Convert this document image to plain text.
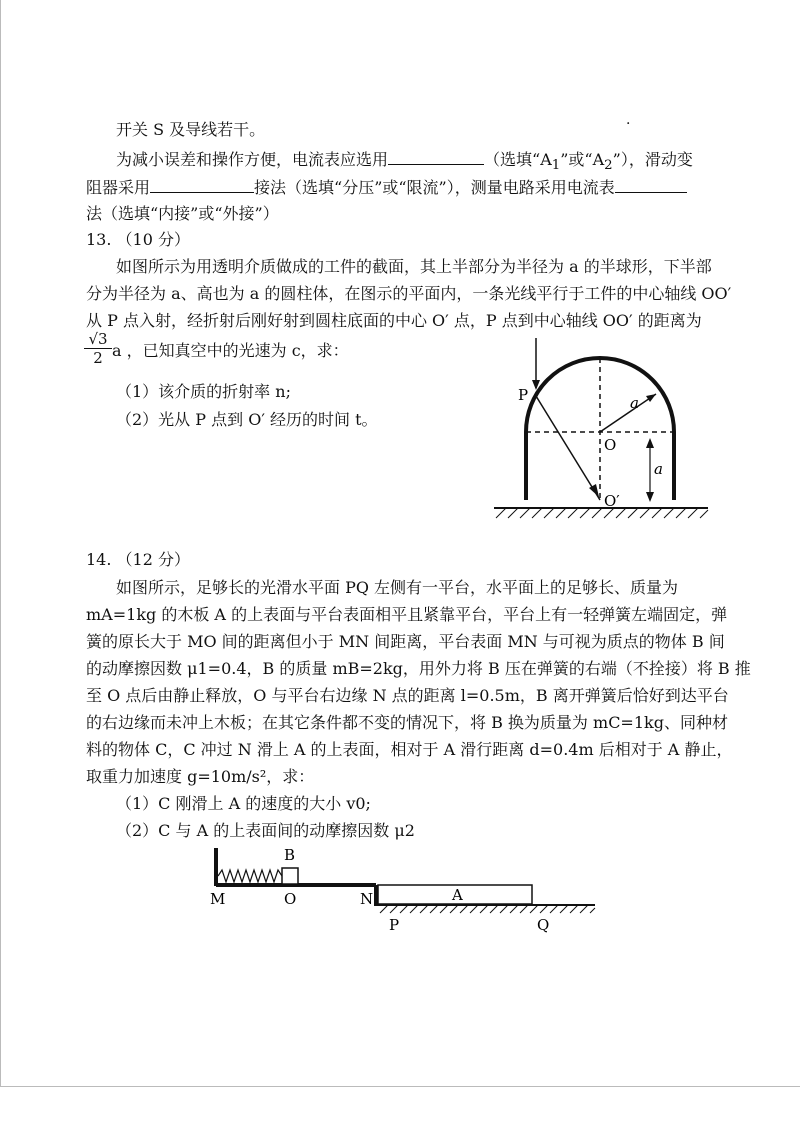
·
开关 S 及导线若干。
为减小误差和操作方便，电流表应选用	（选填“$A_1$”或“$A_2$”），滑动变
阻器采用	接法（选填“分压”或“限流”），测量电路采用电流表
法（选填“内接”或“外接”）
13. （10 分）
如图所示为用透明介质做成的工件的截面，其上半部分为半径为 a 的半球形，下半部
分为半径为 a、高也为 a 的圆柱体，在图示的平面内，一条光线平行于工件的中心轴线 OO′
从 P 点入射，经折射后刚好射到圆柱底面的中心 O′ 点，P 点到中心轴线 OO′ 的距离为
$\frac{√3}{2}$ a ，已知真空中的光速为 c，求：
（1）该介质的折射率 n;
（2）光从 P 点到 O′ 经历的时间 t。
P
O
O′
a
a
14. （12 分）
如图所示，足够长的光滑水平面 PQ 左侧有一平台，水平面上的足够长、质量为
mA=1kg 的木板 A 的上表面与平台表面相平且紧靠平台，平台上有一轻弹簧左端固定，弹
簧的原长大于 MO 间的距离但小于 MN 间距离，平台表面 MN 与可视为质点的物体 B 间
的动摩擦因数 μ1=0.4，B 的质量 mB=2kg，用外力将 B 压在弹簧的右端（不拴接）将 B 推
至 O 点后由静止释放，O 与平台右边缘 N 点的距离 l=0.5m，B 离开弹簧后恰好到达平台
的右边缘而未冲上木板；在其它条件都不变的情况下，将 B 换为质量为 mC=1kg、同种材
料的物体 C，C 冲过 N 滑上 A 的上表面，相对于 A 滑行距离 d=0.4m 后相对于 A 静止，
取重力加速度 g=10m/s²，求：
（1）C 刚滑上 A 的速度的大小 v0;
（2）C 与 A 的上表面间的动摩擦因数 μ2
B
M	O	N	A
P	Q
